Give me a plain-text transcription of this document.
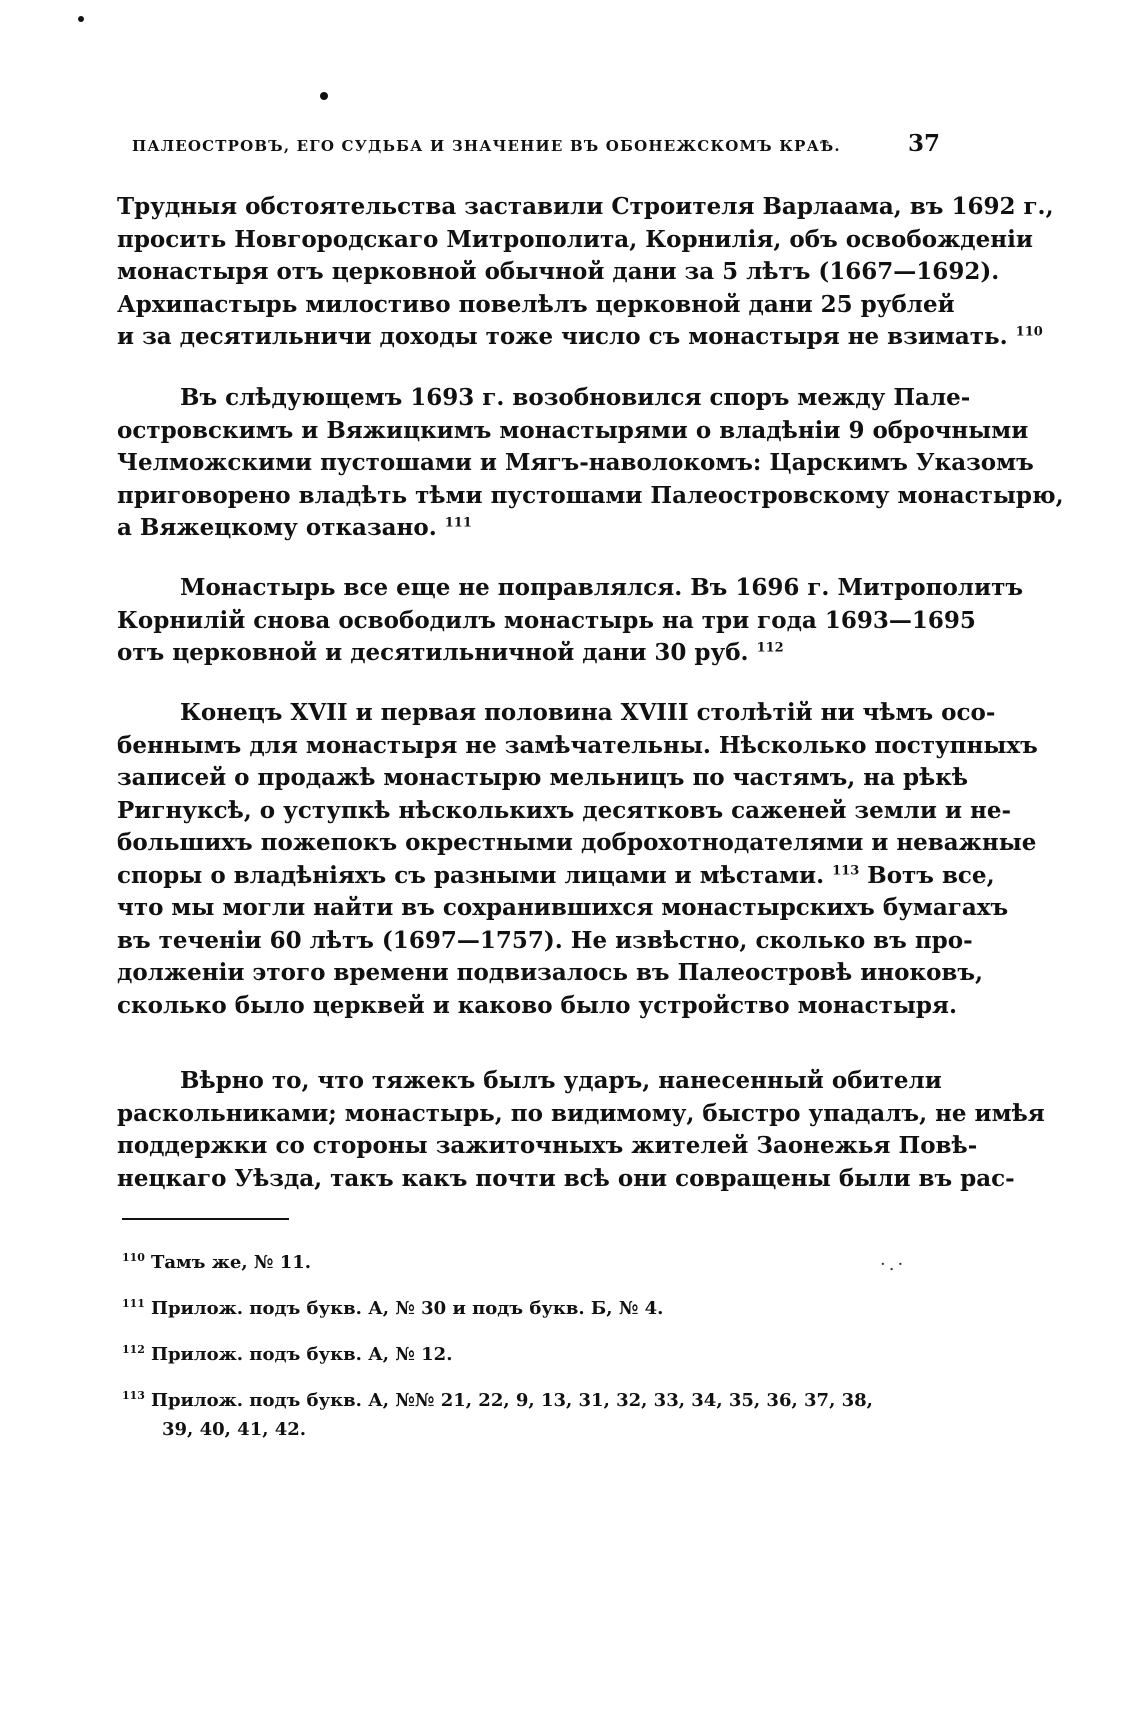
ПАЛЕОСТРОВЪ, ЕГО СУДЬБА И ЗНАЧЕНИЕ ВЪ ОБОНЕЖСКОМЪ КРАѢ.	37

Трудныя обстоятельства заставили Строителя Варлаама, въ 1692 г.,
просить Новгородскаго Митрополита, Корнилія, объ освобожденіи
монастыря отъ церковной обычной дани за 5 лѣтъ (1667—1692).
Архипастырь милостиво повелѣлъ церковной дани 25 рублей
и за десятильничи доходы тоже число съ монастыря не взимать. $^{110}$

Въ слѣдующемъ 1693 г. возобновился споръ между Пале-
островскимъ и Вяжицкимъ монастырями о владѣніи 9 оброчными
Челможскими пустошами и Мягъ-наволокомъ: Царскимъ Указомъ
приговорено владѣть тѣми пустошами Палеостровскому монастырю,
а Вяжецкому отказано. $^{111}$

Монастырь все еще не поправлялся. Въ 1696 г. Митрополитъ
Корнилій снова освободилъ монастырь на три года 1693—1695
отъ церковной и десятильничной дани 30 руб. $^{112}$

Конецъ XVII и первая половина XVIII столѣтій ни чѣмъ осо-
беннымъ для монастыря не замѣчательны. Нѣсколько поступныхъ
записей о продажѣ монастырю мельницъ по частямъ, на рѣкѣ
Ригнуксѣ, о уступкѣ нѣсколькихъ десятковъ саженей земли и не-
большихъ пожепокъ окрестными доброхотнодателями и неважные
споры о владѣніяхъ съ разными лицами и мѣстами. $^{113}$ Вотъ все,
что мы могли найти въ сохранившихся монастырскихъ бумагахъ
въ теченіи 60 лѣтъ (1697—1757). Не извѣстно, сколько въ про-
долженіи этого времени подвизалось въ Палеостровѣ иноковъ,
сколько было церквей и каково было устройство монастыря.

Вѣрно то, что тяжекъ былъ ударъ, нанесенный обители
раскольниками; монастырь, по видимому, быстро упадалъ, не имѣя
поддержки со стороны зажиточныхъ жителей Заонежья Повѣ-
нецкаго Уѣзда, такъ какъ почти всѣ они совращены были въ рас-

·.·
$^{110}$ Тамъ же, № 11.
$^{111}$ Прилож. подъ букв. А, № 30 и подъ букв. Б, № 4.
$^{112}$ Прилож. подъ букв. А, № 12.
$^{113}$ Прилож. подъ букв. А, №№ 21, 22, 9, 13, 31, 32, 33, 34, 35, 36, 37, 38,
39, 40, 41, 42.
